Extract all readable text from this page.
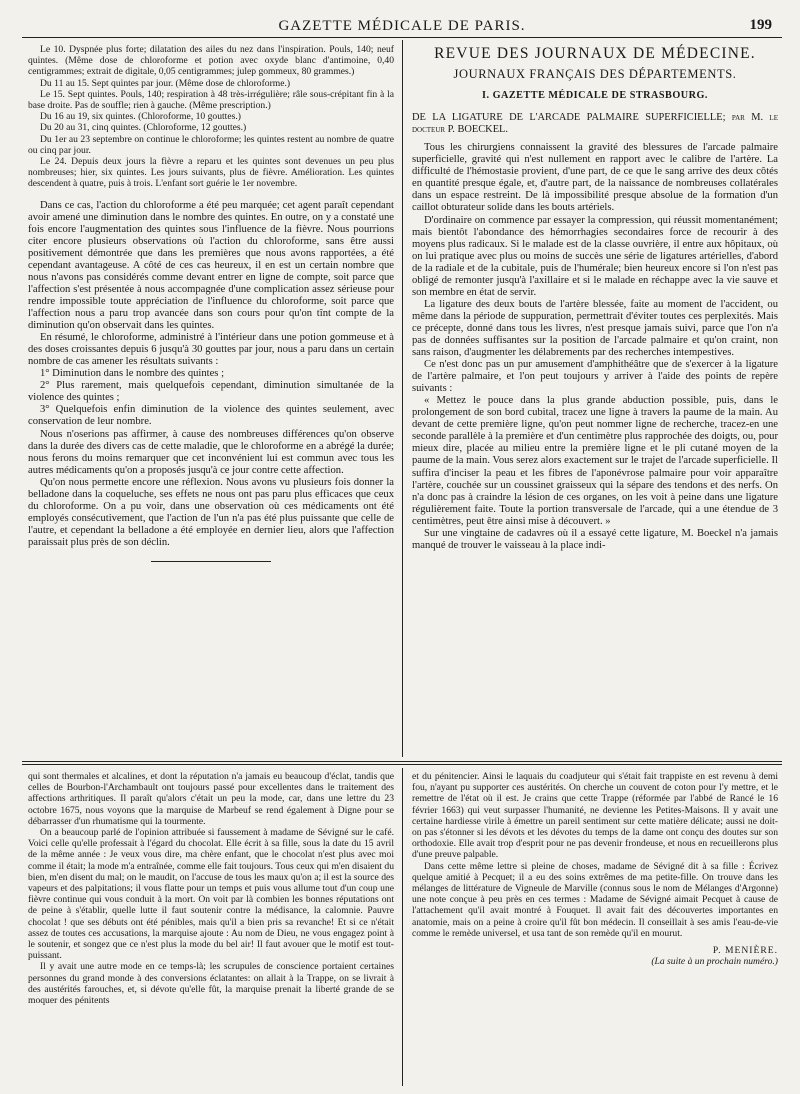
GAZETTE MÉDICALE DE PARIS.	199

Le 10. Dyspnée plus forte; dilatation des ailes du nez dans l'inspiration. Pouls, 140; neuf quintes. (Même dose de chloroforme et potion avec oxyde blanc d'antimoine, 0,40 centigrammes; extrait de digitale, 0,05 centigrammes; julep gommeux, 80 grammes.)

Du 11 au 15. Sept quintes par jour. (Même dose de chloroforme.)

Le 15. Sept quintes. Pouls, 140; respiration à 48 très-irrégulière; râle sous-crépitant fin à la base droite. Pas de souffle; rien à gauche. (Même prescription.)

Du 16 au 19, six quintes. (Chloroforme, 10 gouttes.)

Du 20 au 31, cinq quintes. (Chloroforme, 12 gouttes.)

Du 1er au 23 septembre on continue le chloroforme; les quintes restent au nombre de quatre ou cinq par jour.

Le 24. Depuis deux jours la fièvre a reparu et les quintes sont devenues un peu plus nombreuses; hier, six quintes. Les jours suivants, plus de fièvre. Amélioration. Les quintes descendent à quatre, puis à trois. L'enfant sort guérie le 1er novembre.

Dans ce cas, l'action du chloroforme a été peu marquée; cet agent paraît cependant avoir amené une diminution dans le nombre des quintes. En outre, on y a constaté une fois encore l'augmentation des quintes sous l'influence de la fièvre. Nous pourrions citer encore plusieurs observations où l'action du chloroforme, sans être aussi positivement démontrée que dans les premières que nous avons rapportées, a été cependant avantageuse. A côté de ces cas heureux, il en est un certain nombre que nous n'avons pas considérés comme devant entrer en ligne de compte, soit parce que l'affection s'est présentée à nous accompagnée d'une complication assez sérieuse pour rendre impossible toute appréciation de l'influence du chloroforme, soit parce que l'affection nous a paru trop avancée dans son cours pour qu'on tînt compte de la diminution qu'on observait dans les quintes.

En résumé, le chloroforme, administré à l'intérieur dans une potion gommeuse et à des doses croissantes depuis 6 jusqu'à 30 gouttes par jour, nous a paru dans un certain nombre de cas amener les résultats suivants :

1° Diminution dans le nombre des quintes ;

2° Plus rarement, mais quelquefois cependant, diminution simultanée de la violence des quintes ;

3° Quelquefois enfin diminution de la violence des quintes seulement, avec conservation de leur nombre.

Nous n'oserions pas affirmer, à cause des nombreuses différences qu'on observe dans la durée des divers cas de cette maladie, que le chloroforme en a abrégé la durée; nous ferons du moins remarquer que cet inconvénient lui est commun avec tous les autres médicaments qu'on a proposés jusqu'à ce jour contre cette affection.

Qu'on nous permette encore une réflexion. Nous avons vu plusieurs fois donner la belladone dans la coqueluche, ses effets ne nous ont pas paru plus efficaces que ceux du chloroforme. On a pu voir, dans une observation où ces médicaments ont été employés consécutivement, que l'action de l'un n'a pas été plus puissante que celle de l'autre, et cependant la belladone a été employée en dernier lieu, alors que l'affection paraissait plus près de son déclin.

REVUE DES JOURNAUX DE MÉDECINE.

JOURNAUX FRANÇAIS DES DÉPARTEMENTS.

I. GAZETTE MÉDICALE DE STRASBOURG.

DE LA LIGATURE DE L'ARCADE PALMAIRE SUPERFICIELLE; par M. le docteur P. BOECKEL.

Tous les chirurgiens connaissent la gravité des blessures de l'arcade palmaire superficielle, gravité qui n'est nullement en rapport avec le calibre de l'artère. La difficulté de l'hémostasie provient, d'une part, de ce que le sang arrive des deux côtés en quantité presque égale, et, d'autre part, de la naissance de nombreuses collatérales dans un espace restreint. De là impossibilité presque absolue de la formation d'un caillot obturateur solide dans les bouts artériels.

D'ordinaire on commence par essayer la compression, qui réussit momentanément; mais bientôt l'abondance des hémorrhagies secondaires force de recourir à des moyens plus radicaux. Si le malade est de la classe ouvrière, il entre aux hôpitaux, où on lui pratique avec plus ou moins de succès une série de ligatures artérielles, d'abord de la radiale et de la cubitale, puis de l'humérale; bien heureux encore si l'on n'est pas obligé de remonter jusqu'à l'axillaire et si le malade en réchappe avec la vie sauve et son membre en état de servir.

La ligature des deux bouts de l'artère blessée, faite au moment de l'accident, ou même dans la période de suppuration, permettrait d'éviter toutes ces perplexités. Mais ce précepte, donné dans tous les livres, n'est presque jamais suivi, parce que l'on n'a pas de données suffisantes sur la position de l'arcade palmaire et qu'on craint, non sans raison, d'augmenter les délabrements par des recherches intempestives.

Ce n'est donc pas un pur amusement d'amphithéâtre que de s'exercer à la ligature de l'artère palmaire, et l'on peut toujours y arriver à l'aide des points de repère suivants :

« Mettez le pouce dans la plus grande abduction possible, puis, dans le prolongement de son bord cubital, tracez une ligne à travers la paume de la main. Au devant de cette première ligne, qu'on peut nommer ligne de recherche, tracez-en une seconde parallèle à la première et d'un centimètre plus rapprochée des doigts, ou, pour mieux dire, placée au milieu entre la première ligne et le pli cutané moyen de la paume de la main. Vous serez alors exactement sur le trajet de l'arcade superficielle. Il suffira d'inciser la peau et les fibres de l'aponévrose palmaire pour voir apparaître l'artère, couchée sur un coussinet graisseux qui la sépare des tendons et des nerfs. On n'a donc pas à craindre la lésion de ces organes, on les voit à peine dans une ligature régulièrement faite. Toute la portion transversale de l'arcade, qui a une étendue de 3 centimètres, peut être ainsi mise à découvert. »

Sur une vingtaine de cadavres où il a essayé cette ligature, M. Boeckel n'a jamais manqué de trouver le vaisseau à la place indi-

qui sont thermales et alcalines, et dont la réputation n'a jamais eu beaucoup d'éclat, tandis que celles de Bourbon-l'Archambault ont toujours passé pour excellentes dans le traitement des affections arthritiques. Il paraît qu'alors c'était un peu la mode, car, dans une lettre du 23 octobre 1675, nous voyons que la marquise de Marbeuf se rend également à Digne pour se débarrasser d'un rhumatisme qui la tourmente.

On a beaucoup parlé de l'opinion attribuée si faussement à madame de Sévigné sur le café. Voici celle qu'elle professait à l'égard du chocolat. Elle écrit à sa fille, sous la date du 15 avril de la même année : Je veux vous dire, ma chère enfant, que le chocolat n'est plus avec moi comme il était; la mode m'a entraînée, comme elle fait toujours. Tous ceux qui m'en disaient du bien, m'en disent du mal; on le maudit, on l'accuse de tous les maux qu'on a; il est la source des vapeurs et des palpitations; il vous flatte pour un temps et puis vous allume tout d'un coup une fièvre continue qui vous conduit à la mort. On voit par là combien les bonnes réputations ont de peine à s'établir, quelle lutte il faut soutenir contre la médisance, la calomnie. Pauvre chocolat ! que ses débuts ont été pénibles, mais qu'il a bien pris sa revanche! Et si ce n'était assez de toutes ces accusations, la marquise ajoute : Au nom de Dieu, ne vous engagez point à le soutenir, et songez que ce n'est plus la mode du bel air! Il faut avouer que le motif est tout-puissant.

Il y avait une autre mode en ce temps-là; les scrupules de conscience portaient certaines personnes du grand monde à des conversions éclatantes: on allait à la Trappe, on se livrait à des austérités farouches, et, si dévote qu'elle fût, la marquise prenait la liberté grande de se moquer des pénitents

et du pénitencier. Ainsi le laquais du coadjuteur qui s'était fait trappiste en est revenu à demi fou, n'ayant pu supporter ces austérités. On cherche un couvent de coton pour l'y mettre, et le remettre de l'état où il est. Je crains que cette Trappe (réformée par l'abbé de Rancé le 16 février 1663) qui veut surpasser l'humanité, ne devienne les Petites-Maisons. Il y avait une certaine hardiesse virile à émettre un pareil sentiment sur cette matière délicate; aussi ne doit-on pas s'étonner si les dévots et les dévotes du temps de la dame ont conçu des doutes sur son orthodoxie. Elle avait trop d'esprit pour ne pas devenir frondeuse, et nous en recueillerons plus d'une preuve palpable.

Dans cette même lettre si pleine de choses, madame de Sévigné dit à sa fille : Écrivez quelque amitié à Pecquet; il a eu des soins extrêmes de ma petite-fille. On trouve dans les mélanges de littérature de Vigneule de Marville (connus sous le nom de Mélanges d'Argonne) une note conçue à peu près en ces termes : Madame de Sévigné aimait Pecquet à cause de l'attachement qu'il avait montré à Fouquet. Il avait fait des découvertes importantes en anatomie, mais on a peine à croire qu'il fût bon médecin. Il conseillait à ses amis l'eau-de-vie comme le remède universel, et usa tant de son remède qu'il en mourut.

P. MENIÈRE.

(La suite à un prochain numéro.)
